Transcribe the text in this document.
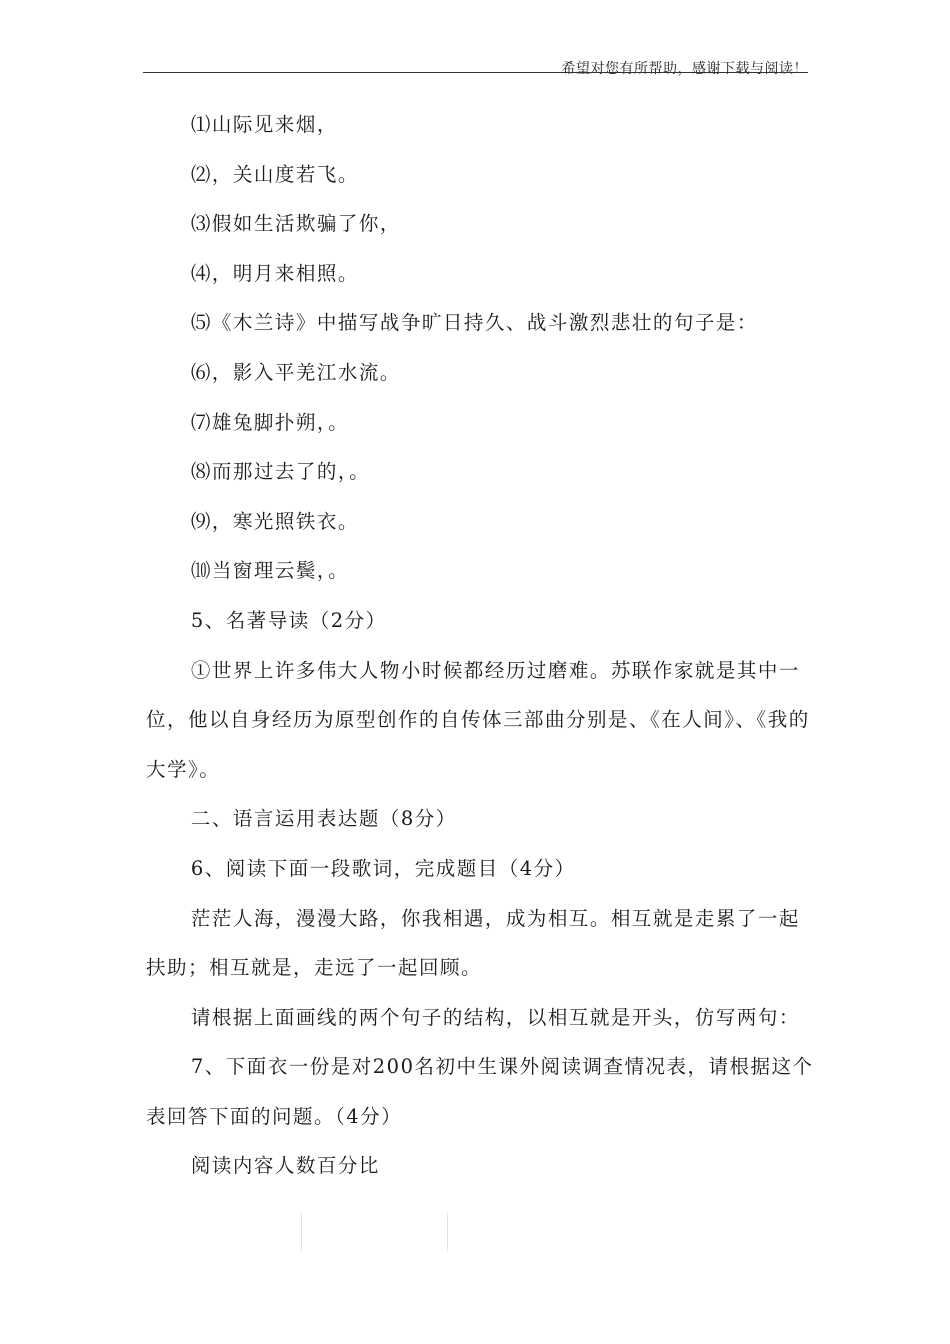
希望对您有所帮助，感谢下载与阅读！

⑴山际见来烟，

⑵，关山度若飞。

⑶假如生活欺骗了你，

⑷，明月来相照。

⑸《木兰诗》中描写战争旷日持久、战斗激烈悲壮的句子是：

⑹，影入平羌江水流。

⑺雄兔脚扑朔，。

⑻而那过去了的，。

⑼，寒光照铁衣。

⑽当窗理云鬓，。

5、名著导读（2分）

①世界上许多伟大人物小时候都经历过磨难。苏联作家就是其中一位，他以自身经历为原型创作的自传体三部曲分别是、《在人间》、《我的大学》。

二、语言运用表达题（8分）

6、阅读下面一段歌词，完成题目（4分）

茫茫人海，漫漫大路，你我相遇，成为相互。相互就是走累了一起扶助；相互就是，走远了一起回顾。

请根据上面画线的两个句子的结构，以相互就是开头，仿写两句：

7、下面衣一份是对200名初中生课外阅读调查情况表，请根据这个表回答下面的问题。（4分）

阅读内容人数百分比
